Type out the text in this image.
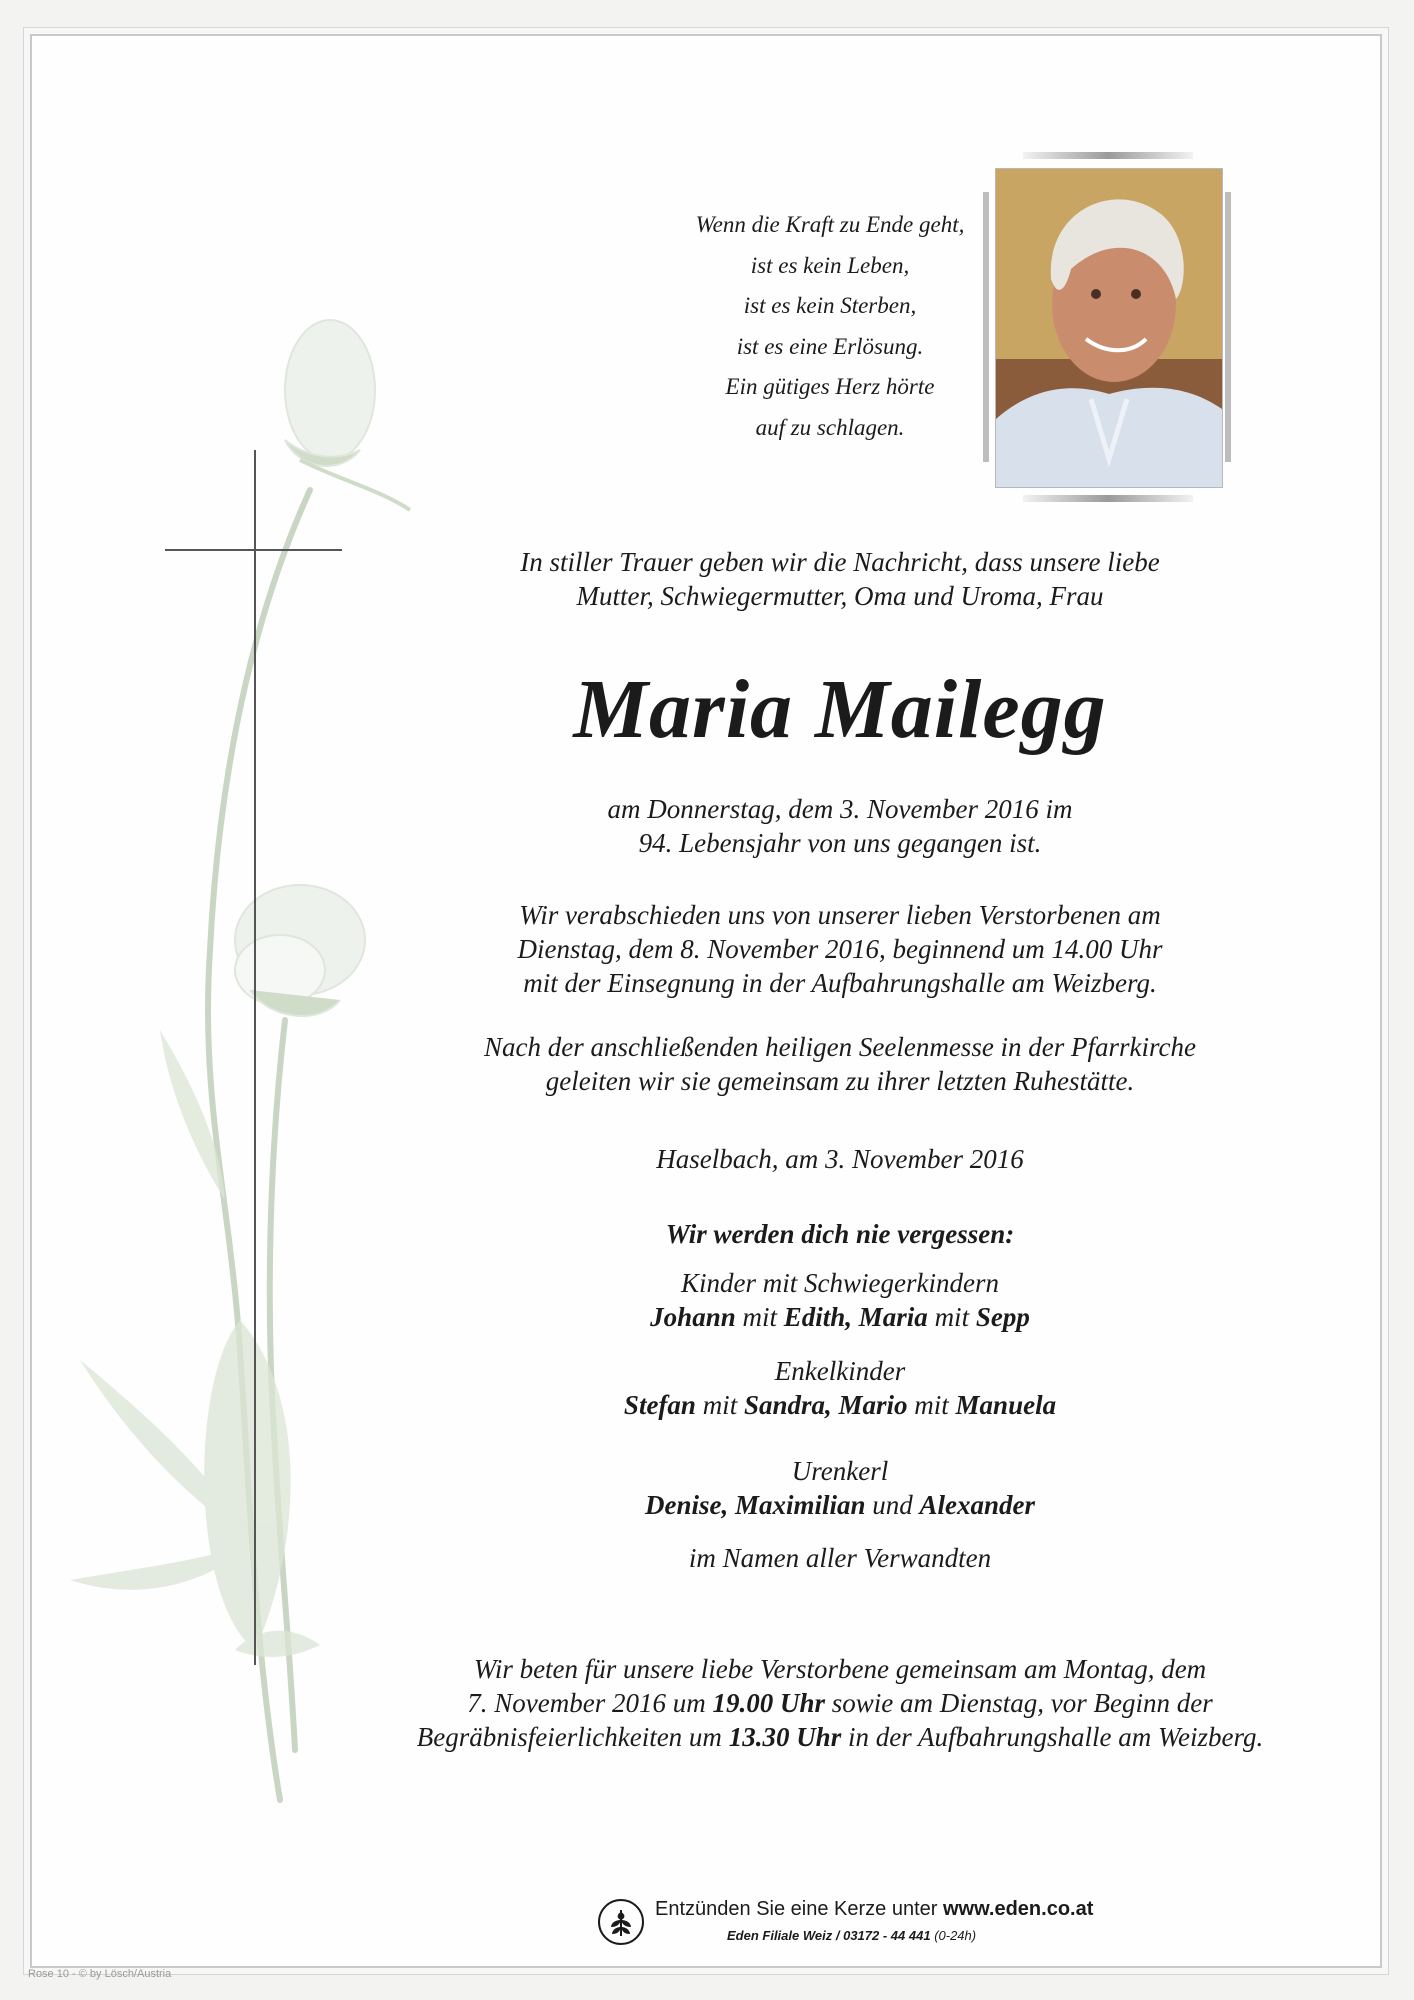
Wenn die Kraft zu Ende geht,
ist es kein Leben,
ist es kein Sterben,
ist es eine Erlösung.
Ein gütiges Herz hörte
auf zu schlagen.
In stiller Trauer geben wir die Nachricht, dass unsere liebe
Mutter, Schwiegermutter, Oma und Uroma, Frau
Maria Mailegg
am Donnerstag, dem 3. November 2016 im
94. Lebensjahr von uns gegangen ist.
Wir verabschieden uns von unserer lieben Verstorbenen am
Dienstag, dem 8. November 2016, beginnend um 14.00 Uhr
mit der Einsegnung in der Aufbahrungshalle am Weizberg.
Nach der anschließenden heiligen Seelenmesse in der Pfarrkirche
geleiten wir sie gemeinsam zu ihrer letzten Ruhestätte.
Haselbach, am 3. November 2016
Wir werden dich nie vergessen:
Kinder mit Schwiegerkindern
Johann mit Edith, Maria mit Sepp
Enkelkinder
Stefan mit Sandra, Mario mit Manuela
Urenkerl
Denise, Maximilian und Alexander
im Namen aller Verwandten
Wir beten für unsere liebe Verstorbene gemeinsam am Montag, dem
7. November 2016 um 19.00 Uhr sowie am Dienstag, vor Beginn der
Begräbnisfeierlichkeiten um 13.30 Uhr in der Aufbahrungshalle am Weizberg.
Entzünden Sie eine Kerze unter www.eden.co.at
Eden Filiale Weiz / 03172 - 44 441 (0-24h)
Rose 10 - © by Lösch/Austria
